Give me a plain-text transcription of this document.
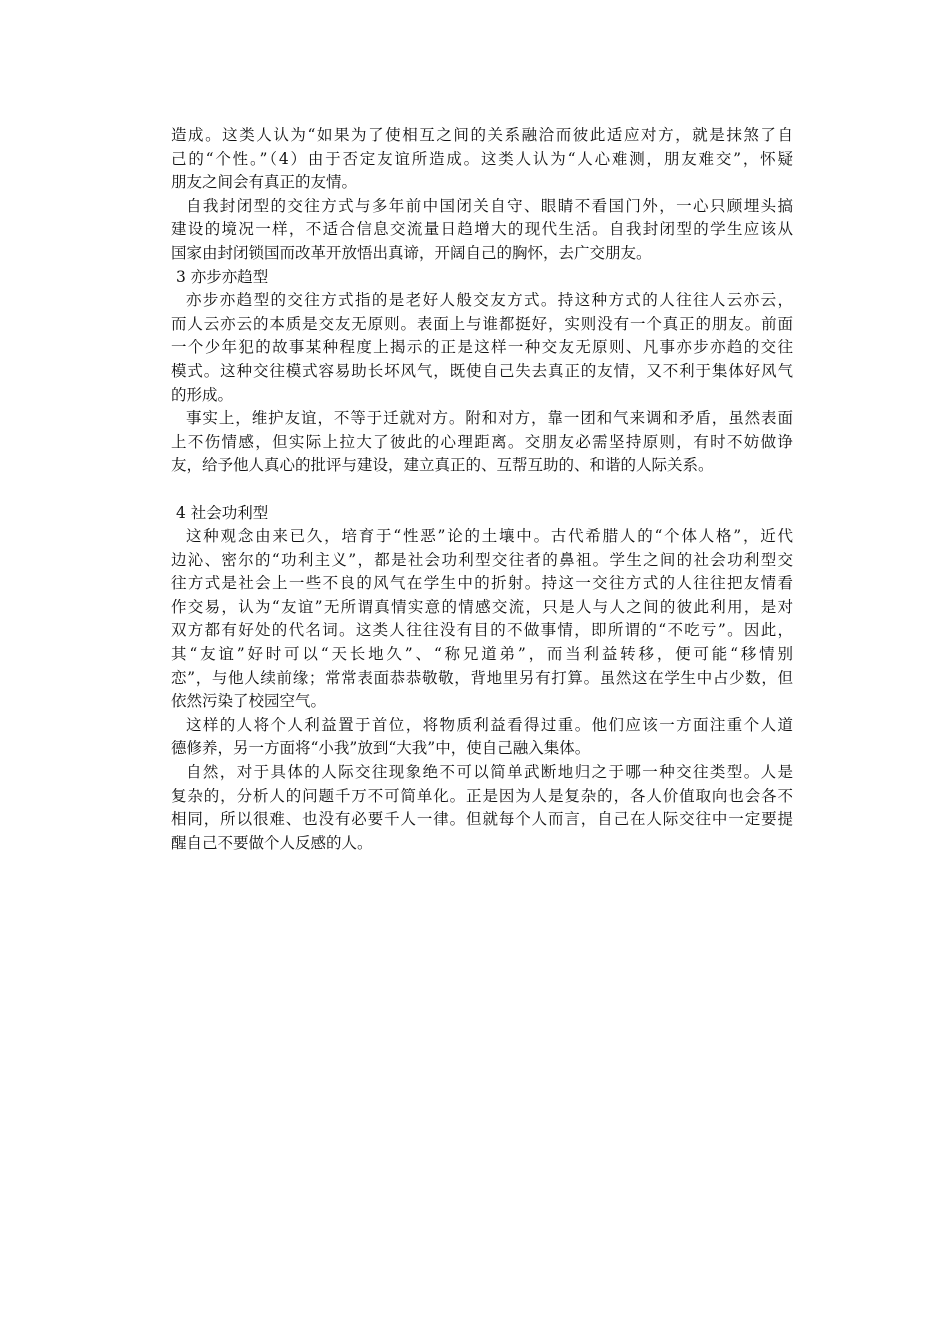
造成。这类人认为“如果为了使相互之间的关系融洽而彼此适应对方，就是抹煞了自
己的“个性。”（4）由于否定友谊所造成。这类人认为“人心难测，朋友难交”，怀疑
朋友之间会有真正的友情。
自我封闭型的交往方式与多年前中国闭关自守、眼睛不看国门外，一心只顾埋头搞
建设的境况一样，不适合信息交流量日趋增大的现代生活。自我封闭型的学生应该从
国家由封闭锁国而改革开放悟出真谛，开阔自己的胸怀，去广交朋友。
3 亦步亦趋型
亦步亦趋型的交往方式指的是老好人般交友方式。持这种方式的人往往人云亦云，
而人云亦云的本质是交友无原则。表面上与谁都挺好，实则没有一个真正的朋友。前面
一个少年犯的故事某种程度上揭示的正是这样一种交友无原则、凡事亦步亦趋的交往
模式。这种交往模式容易助长坏风气，既使自己失去真正的友情，又不利于集体好风气
的形成。
事实上，维护友谊，不等于迁就对方。附和对方，靠一团和气来调和矛盾，虽然表面
上不伤情感，但实际上拉大了彼此的心理距离。交朋友必需坚持原则，有时不妨做诤
友，给予他人真心的批评与建设，建立真正的、互帮互助的、和谐的人际关系。
4 社会功利型
这种观念由来已久，培育于“性恶”论的土壤中。古代希腊人的“个体人格”，近代
边沁、密尔的“功利主义”，都是社会功利型交往者的鼻祖。学生之间的社会功利型交
往方式是社会上一些不良的风气在学生中的折射。持这一交往方式的人往往把友情看
作交易，认为“友谊”无所谓真情实意的情感交流，只是人与人之间的彼此利用，是对
双方都有好处的代名词。这类人往往没有目的不做事情，即所谓的“不吃亏”。因此，
其“友谊”好时可以“天长地久”、“称兄道弟”，而当利益转移，便可能“移情别
恋”，与他人续前缘；常常表面恭恭敬敬，背地里另有打算。虽然这在学生中占少数，但
依然污染了校园空气。
这样的人将个人利益置于首位，将物质利益看得过重。他们应该一方面注重个人道
德修养，另一方面将“小我”放到“大我”中，使自己融入集体。
自然，对于具体的人际交往现象绝不可以简单武断地归之于哪一种交往类型。人是
复杂的，分析人的问题千万不可简单化。正是因为人是复杂的，各人价值取向也会各不
相同，所以很难、也没有必要千人一律。但就每个人而言，自己在人际交往中一定要提
醒自己不要做个人反感的人。
